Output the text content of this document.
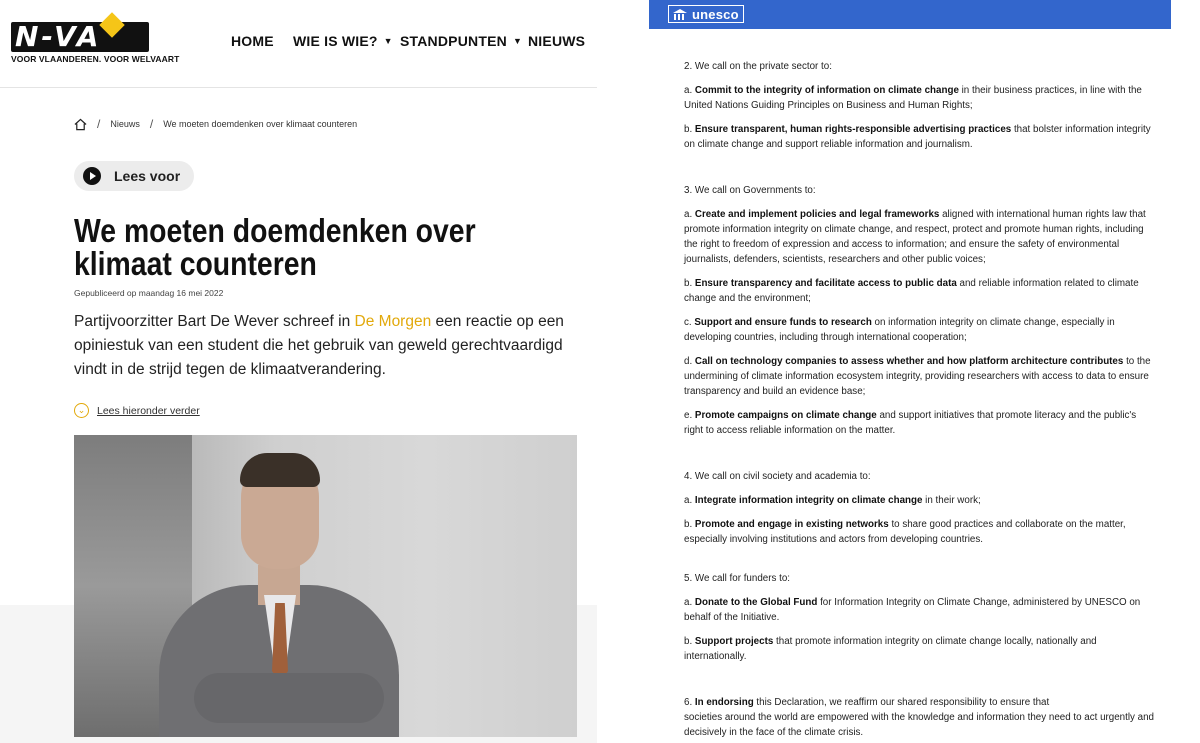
N-VA
VOOR VLAANDEREN. VOOR WELVAART
HOME WIE IS WIE? ▼ STANDPUNTEN ▼ NIEUWS
/ Nieuws / We moeten doemdenken over klimaat counteren
Lees voor
We moeten doemdenken over klimaat counteren
Gepubliceerd op maandag 16 mei 2022

Partijvoorzitter Bart De Wever schreef in De Morgen een reactie op een opiniestuk van een student die het gebruik van geweld gerechtvaardigd vindt in de strijd tegen de klimaatverandering.

⌄	Lees hieronder verder
unesco

2. We call on the private sector to:

a. Commit to the integrity of information on climate change in their business practices, in line with the United Nations Guiding Principles on Business and Human Rights;

b. Ensure transparent, human rights-responsible advertising practices that bolster information integrity on climate change and support reliable information and journalism.

3. We call on Governments to:

a. Create and implement policies and legal frameworks aligned with international human rights law that promote information integrity on climate change, and respect, protect and promote human rights, including the right to freedom of expression and access to information; and ensure the safety of environmental journalists, defenders, scientists, researchers and other public voices;

b. Ensure transparency and facilitate access to public data and reliable information related to climate change and the environment;

c. Support and ensure funds to research on information integrity on climate change, especially in developing countries, including through international cooperation;

d. Call on technology companies to assess whether and how platform architecture contributes to the undermining of climate information ecosystem integrity, providing researchers with access to data to ensure transparency and build an evidence base;

e. Promote campaigns on climate change and support initiatives that promote literacy and the public's right to access reliable information on the matter.

4. We call on civil society and academia to:

a. Integrate information integrity on climate change in their work;

b. Promote and engage in existing networks to share good practices and collaborate on the matter, especially involving institutions and actors from developing countries.

5. We call for funders to:

a. Donate to the Global Fund for Information Integrity on Climate Change, administered by UNESCO on behalf of the Initiative.

b. Support projects that promote information integrity on climate change locally, nationally and internationally.

6. In endorsing this Declaration, we reaffirm our shared responsibility to ensure that
societies around the world are empowered with the knowledge and information they need to act urgently and decisively in the face of the climate crisis.
